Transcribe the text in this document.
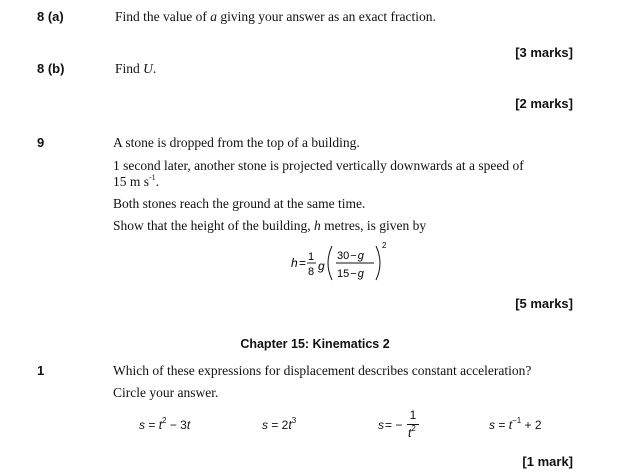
8 (a)	Find the value of a giving your answer as an exact fraction.
[3 marks]
8 (b)	Find U.
[2 marks]
9	A stone is dropped from the top of a building.
1 second later, another stone is projected vertically downwards at a speed of
15 m $s^{-1}$.
Both stones reach the ground at the same time.
Show that the height of the building, h metres, is given by
h = 1
8 g
30−g
15−g
2
[5 marks]
Chapter 15: Kinematics 2
1	Which of these expressions for displacement describes constant acceleration?
Circle your answer.
$s = t^2 - 3t$	$s = 2t^3$	s = −
1
$t^2$	$s = t^{-1} + 2$
[1 mark]
